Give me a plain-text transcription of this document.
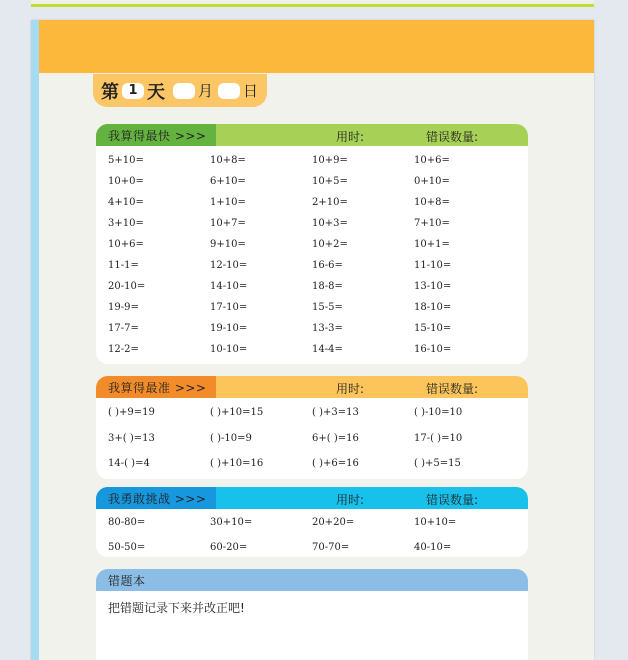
第 1 天 月 日
我算得最快 >>>	用时:	错误数量:
5+10=	10+8=	10+9=	10+6=
10+0=	6+10=	10+5=	0+10=
4+10=	1+10=	2+10=	10+8=
3+10=	10+7=	10+3=	7+10=
10+6=	9+10=	10+2=	10+1=
11-1=	12-10=	16-6=	11-10=
20-10=	14-10=	18-8=	13-10=
19-9=	17-10=	15-5=	18-10=
17-7=	19-10=	13-3=	15-10=
12-2=	10-10=	14-4=	16-10=
我算得最准 >>>	用时:	错误数量:
( )+9=19	( )+10=15	( )+3=13	( )-10=10
3+( )=13	( )-10=9	6+( )=16	17-( )=10
14-( )=4	( )+10=16	( )+6=16	( )+5=15
我勇敢挑战 >>>	用时:	错误数量:
80-80=	30+10=	20+20=	10+10=
50-50=	60-20=	70-70=	40-10=
错题本
把错题记录下来并改正吧!
